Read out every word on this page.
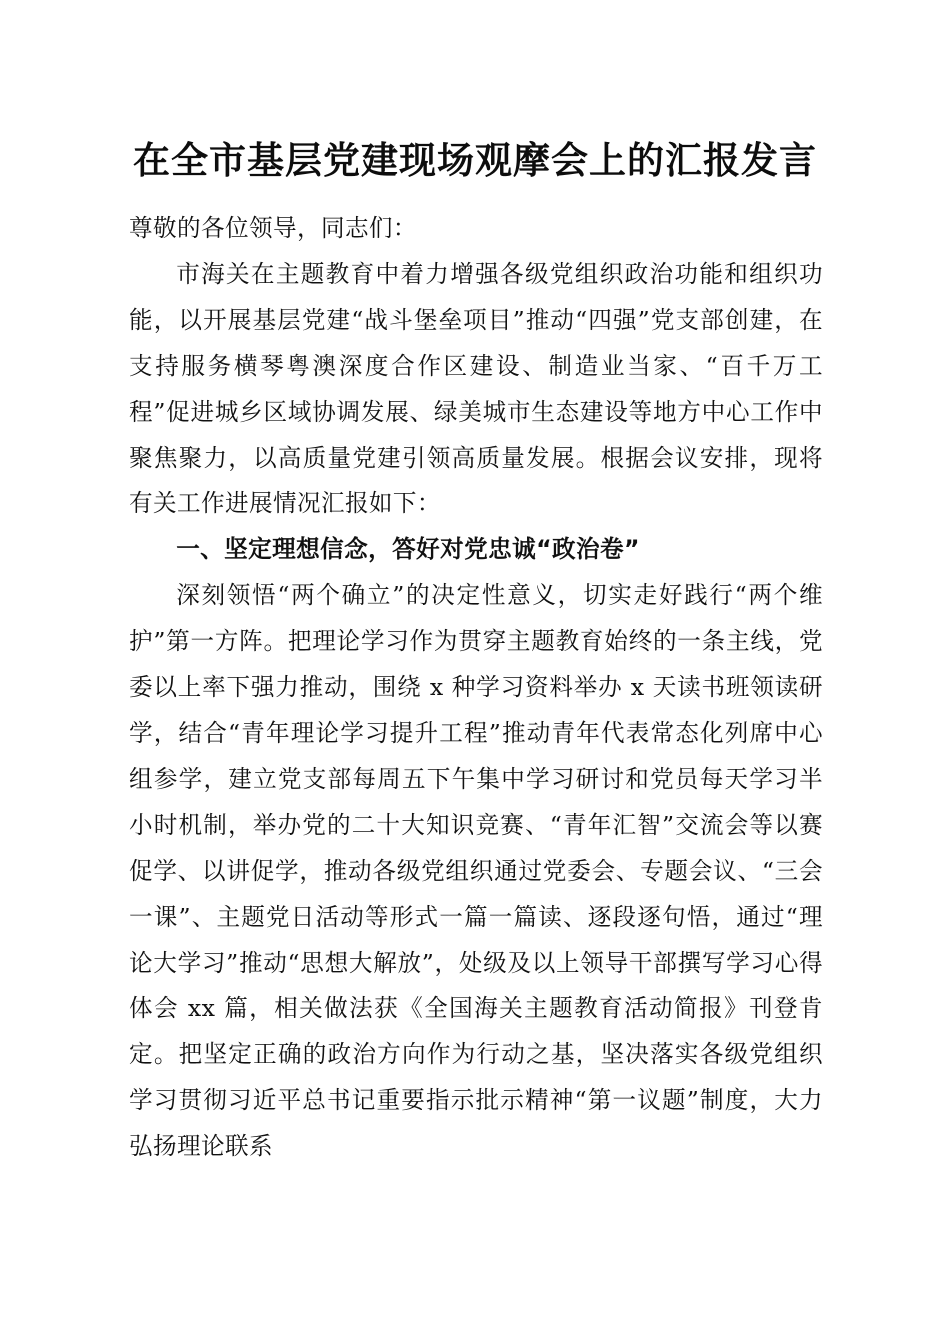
在全市基层党建现场观摩会上的汇报发言

尊敬的各位领导，同志们：

市海关在主题教育中着力增强各级党组织政治功能和组织功能，以开展基层党建“战斗堡垒项目”推动“四强”党支部创建，在支持服务横琴粤澳深度合作区建设、制造业当家、“百千万工程”促进城乡区域协调发展、绿美城市生态建设等地方中心工作中聚焦聚力，以高质量党建引领高质量发展。根据会议安排，现将有关工作进展情况汇报如下：

一、坚定理想信念，答好对党忠诚“政治卷”

深刻领悟“两个确立”的决定性意义，切实走好践行“两个维护”第一方阵。把理论学习作为贯穿主题教育始终的一条主线，党委以上率下强力推动，围绕 x 种学习资料举办 x 天读书班领读研学，结合“青年理论学习提升工程”推动青年代表常态化列席中心组参学，建立党支部每周五下午集中学习研讨和党员每天学习半小时机制，举办党的二十大知识竞赛、“青年汇智”交流会等以赛促学、以讲促学，推动各级党组织通过党委会、专题会议、“三会一课”、主题党日活动等形式一篇一篇读、逐段逐句悟，通过“理论大学习”推动“思想大解放”，处级及以上领导干部撰写学习心得体会 xx 篇，相关做法获《全国海关主题教育活动简报》刊登肯定。把坚定正确的政治方向作为行动之基，坚决落实各级党组织学习贯彻习近平总书记重要指示批示精神“第一议题”制度，大力弘扬理论联系
